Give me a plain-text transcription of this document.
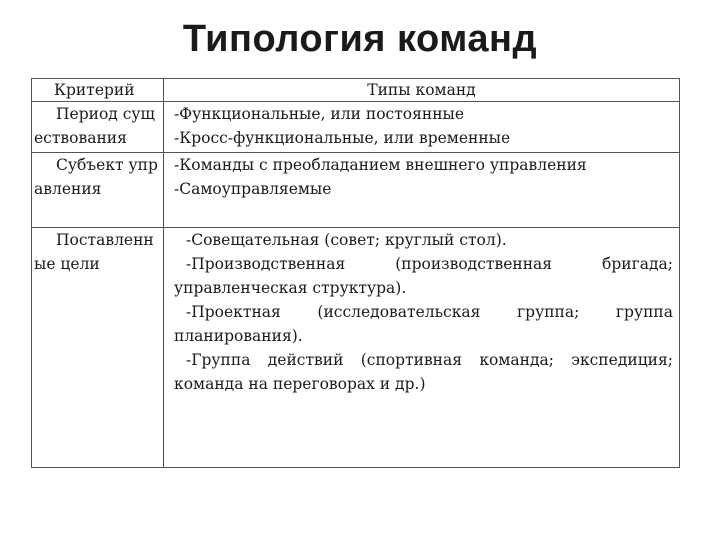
Типология команд
Критерий	Типы команд

Период существования	-Функциональные, или постоянные
-Кросс-функциональные, или временные

Субъект управления	-Команды с преобладанием внешнего управления
-Самоуправляемые

Поставленные цели	-Совещательная (совет; круглый стол).
-Производственная (производственная бригада; управленческая структура).
-Проектная (исследовательская группа; группа планирования).
-Группа действий (спортивная команда; экспедиция; команда на переговорах и др.)
